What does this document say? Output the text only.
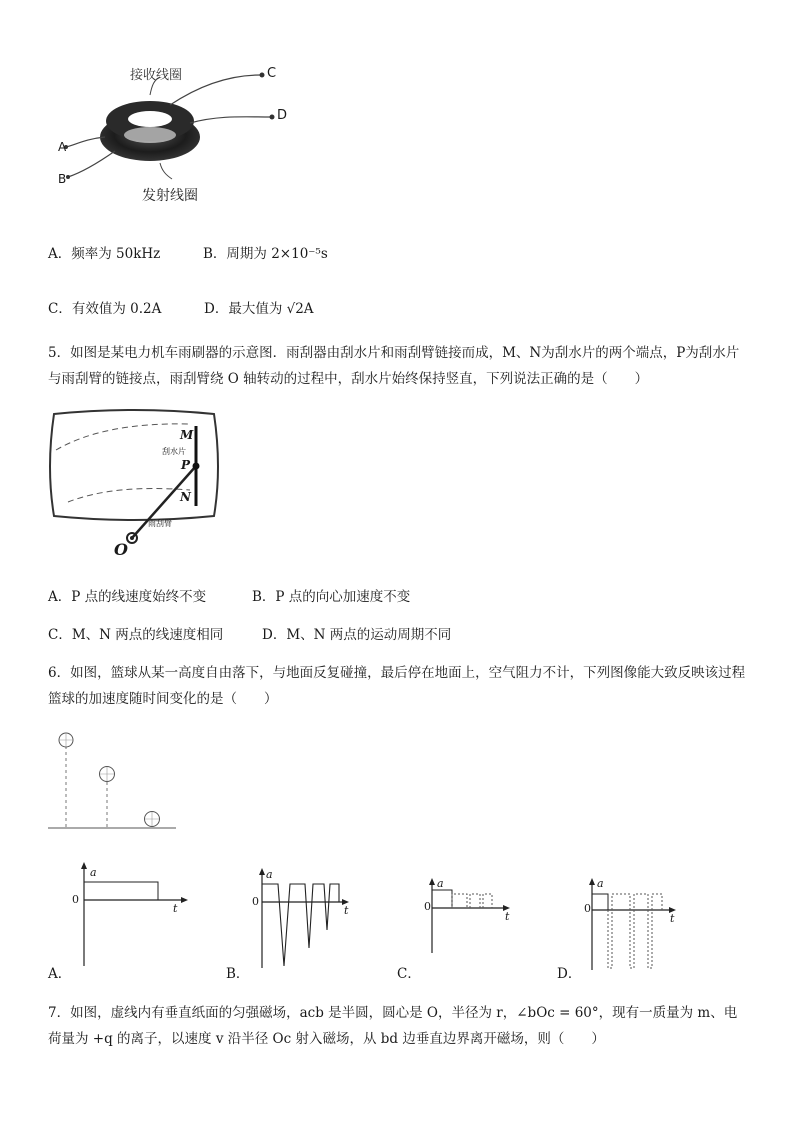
接收线圈
发射线圈
C
D
A
B
A．频率为 50kHz	B．周期为 2×10⁻⁵s
C．有效值为 0.2A	D．最大值为 √2A
5．如图是某电力机车雨刷器的示意图．雨刮器由刮水片和雨刮臂链接而成，M、N为刮水片的两个端点，P为刮水片与雨刮臂的链接点，雨刮臂绕 O 轴转动的过程中，刮水片始终保持竖直，下列说法正确的是（　　）
M
刮水片
P
N
雨刮臂
O
A．P 点的线速度始终不变	B．P 点的向心加速度不变
C．M、N 两点的线速度相同	D．M、N 两点的运动周期不同
6．如图，篮球从某一高度自由落下，与地面反复碰撞，最后停在地面上，空气阻力不计，下列图像能大致反映该过程篮球的加速度随时间变化的是（　　）
a
0
t
a
0
t
a
0
t
a
0
t
A．	B．	C．	D．
7．如图，虚线内有垂直纸面的匀强磁场，acb 是半圆，圆心是 O，半径为 r，∠bOc = 60°，现有一质量为 m、电荷量为 +q 的离子，以速度 v 沿半径 Oc 射入磁场，从 bd 边垂直边界离开磁场，则（　　）
